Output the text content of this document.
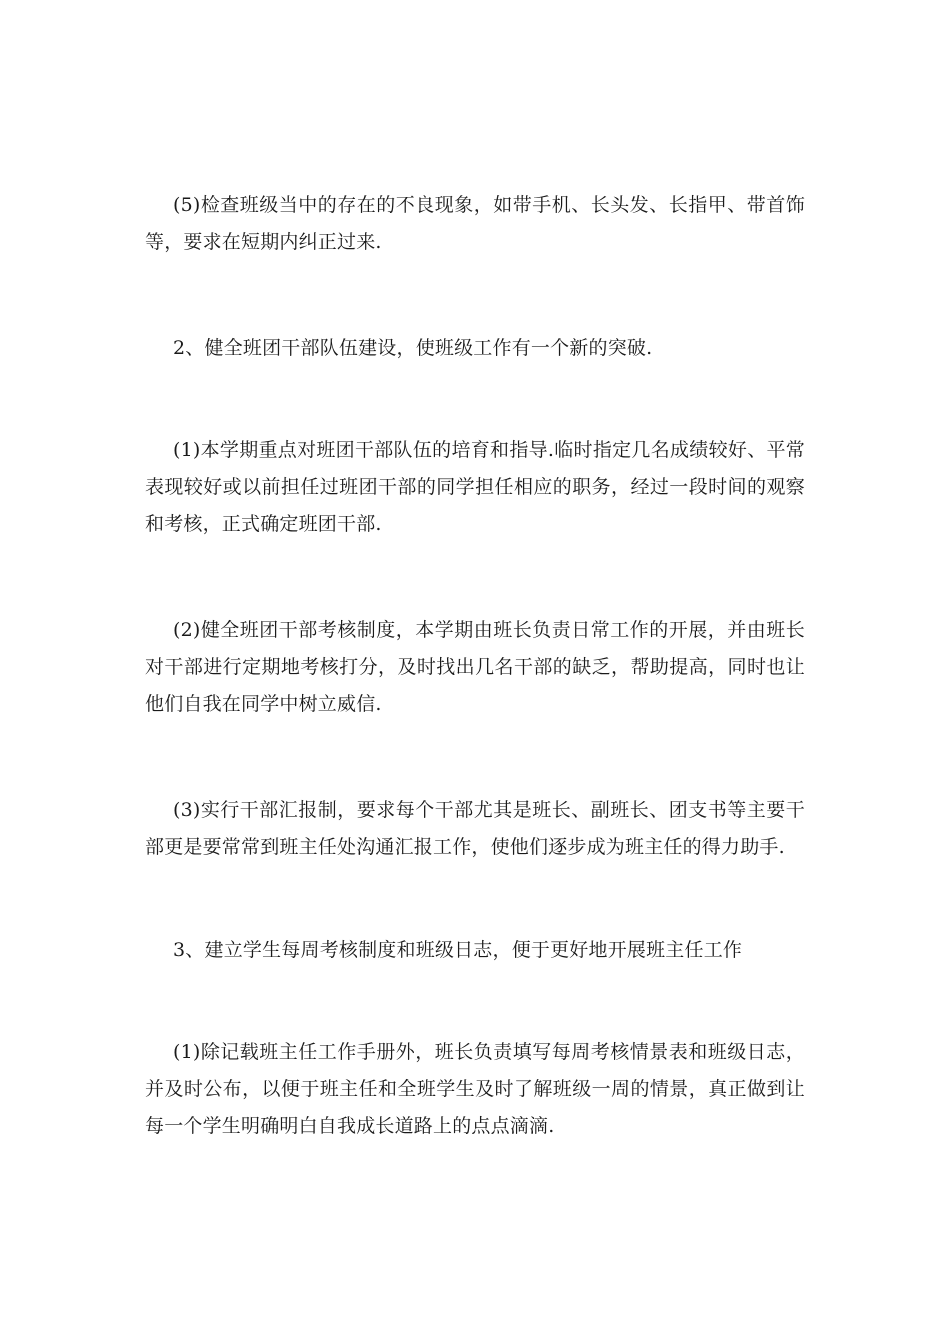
(5)检查班级当中的存在的不良现象，如带手机、长头发、长指甲、带首饰等，要求在短期内纠正过来.

2、健全班团干部队伍建设，使班级工作有一个新的突破.

(1)本学期重点对班团干部队伍的培育和指导.临时指定几名成绩较好、平常表现较好或以前担任过班团干部的同学担任相应的职务，经过一段时间的观察和考核，正式确定班团干部.

(2)健全班团干部考核制度，本学期由班长负责日常工作的开展，并由班长对干部进行定期地考核打分，及时找出几名干部的缺乏，帮助提高，同时也让他们自我在同学中树立威信.

(3)实行干部汇报制，要求每个干部尤其是班长、副班长、团支书等主要干部更是要常常到班主任处沟通汇报工作，使他们逐步成为班主任的得力助手.

3、建立学生每周考核制度和班级日志，便于更好地开展班主任工作

(1)除记载班主任工作手册外，班长负责填写每周考核情景表和班级日志，并及时公布，以便于班主任和全班学生及时了解班级一周的情景，真正做到让每一个学生明确明白自我成长道路上的点点滴滴.
